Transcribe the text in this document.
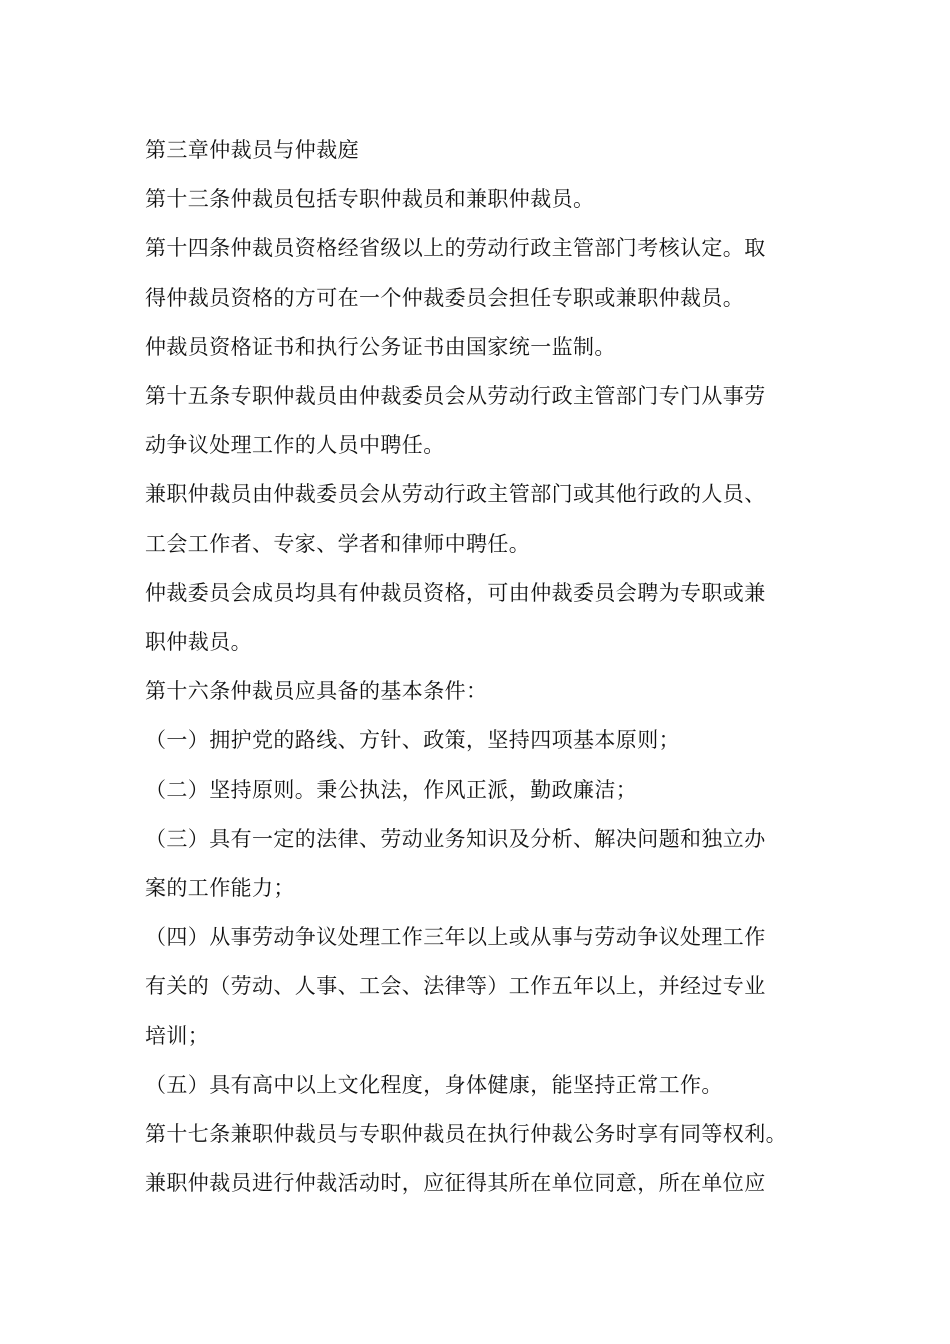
第三章仲裁员与仲裁庭

第十三条仲裁员包括专职仲裁员和兼职仲裁员。

第十四条仲裁员资格经省级以上的劳动行政主管部门考核认定。取

得仲裁员资格的方可在一个仲裁委员会担任专职或兼职仲裁员。

仲裁员资格证书和执行公务证书由国家统一监制。

第十五条专职仲裁员由仲裁委员会从劳动行政主管部门专门从事劳

动争议处理工作的人员中聘任。

兼职仲裁员由仲裁委员会从劳动行政主管部门或其他行政的人员、

工会工作者、专家、学者和律师中聘任。

仲裁委员会成员均具有仲裁员资格，可由仲裁委员会聘为专职或兼

职仲裁员。

第十六条仲裁员应具备的基本条件：

（一）拥护党的路线、方针、政策，坚持四项基本原则；

（二）坚持原则。秉公执法，作风正派，勤政廉洁；

（三）具有一定的法律、劳动业务知识及分析、解决问题和独立办

案的工作能力；

（四）从事劳动争议处理工作三年以上或从事与劳动争议处理工作

有关的（劳动、人事、工会、法律等）工作五年以上，并经过专业

培训；

（五）具有高中以上文化程度，身体健康，能坚持正常工作。

第十七条兼职仲裁员与专职仲裁员在执行仲裁公务时享有同等权利。

兼职仲裁员进行仲裁活动时，应征得其所在单位同意，所在单位应
